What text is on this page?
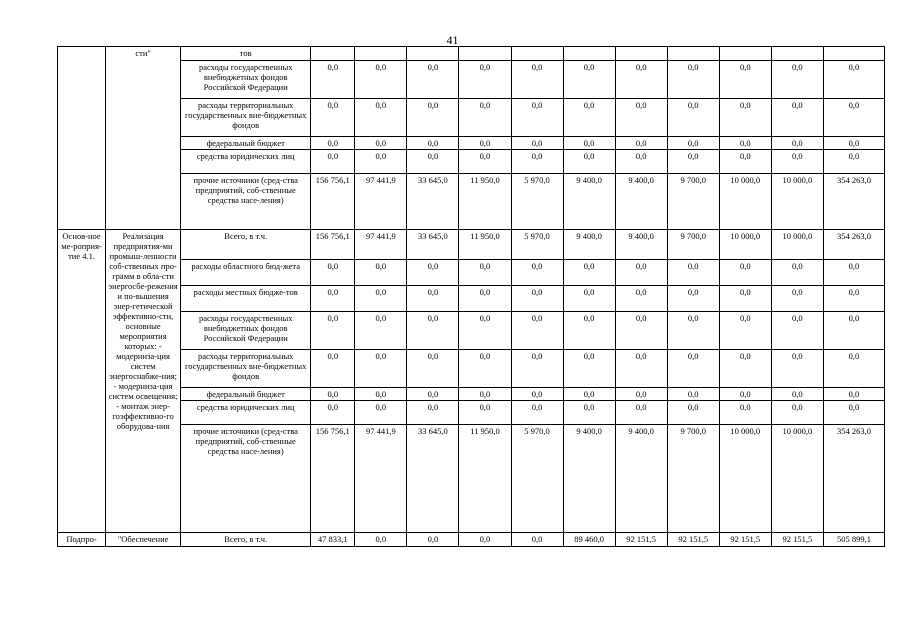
41
	сти"	тов											
		расходы государственных внебюджетных фондов Российской Федерации	0,0	0,0	0,0	0,0	0,0	0,0	0,0	0,0	0,0	0,0	0,0
		расходы территориальных государственных вне-бюджетных фондов	0,0	0,0	0,0	0,0	0,0	0,0	0,0	0,0	0,0	0,0	0,0
		федеральный бюджет	0,0	0,0	0,0	0,0	0,0	0,0	0,0	0,0	0,0	0,0	0,0
		средства юридических лиц	0,0	0,0	0,0	0,0	0,0	0,0	0,0	0,0	0,0	0,0	0,0
		прочие источники (сред-ства предприятий, соб-ственные средства насе-ления)	156 756,1	97 441,9	33 645,0	11 950,0	5 970,0	9 400,0	9 400,0	9 700,0	10 000,0	10 000,0	354 263,0
Основ-ное ме-роприя-тие 4.1.	Реализация предприятия-ми промыш-ленности соб-ственных про-грамм в обла-сти энергосбе-режения и по-вышения энер-гетической эффективно-сти, основные мероприятия которых: - модерниза-ция систем энергоснабже-ния; - модерниза-ция систем освещения; - монтаж энер-гоэффективно-го оборудова-ния	Всего, в т.ч.	156 756,1	97 441,9	33 645,0	11 950,0	5 970,0	9 400,0	9 400,0	9 700,0	10 000,0	10 000,0	354 263,0
		расходы областного бюд-жета	0,0	0,0	0,0	0,0	0,0	0,0	0,0	0,0	0,0	0,0	0,0
		расходы местных бюдже-тов	0,0	0,0	0,0	0,0	0,0	0,0	0,0	0,0	0,0	0,0	0,0
		расходы государственных внебюджетных фондов Российской Федерации	0,0	0,0	0,0	0,0	0,0	0,0	0,0	0,0	0,0	0,0	0,0
		расходы территориальных государственных вне-бюджетных фондов	0,0	0,0	0,0	0,0	0,0	0,0	0,0	0,0	0,0	0,0	0,0
		федеральный бюджет	0,0	0,0	0,0	0,0	0,0	0,0	0,0	0,0	0,0	0,0	0,0
		средства юридических лиц	0,0	0,0	0,0	0,0	0,0	0,0	0,0	0,0	0,0	0,0	0,0
		прочие источники (сред-ства предприятий, соб-ственные средства насе-ления)	156 756,1	97 441,9	33 645,0	11 950,0	5 970,0	9 400,0	9 400,0	9 700,0	10 000,0	10 000,0	354 263,0
Подпро-	"Обеспечение	Всего, в т.ч.	47 833,1	0,0	0,0	0,0	0,0	89 460,0	92 151,5	92 151,5	92 151,5	92 151,5	505 899,1
